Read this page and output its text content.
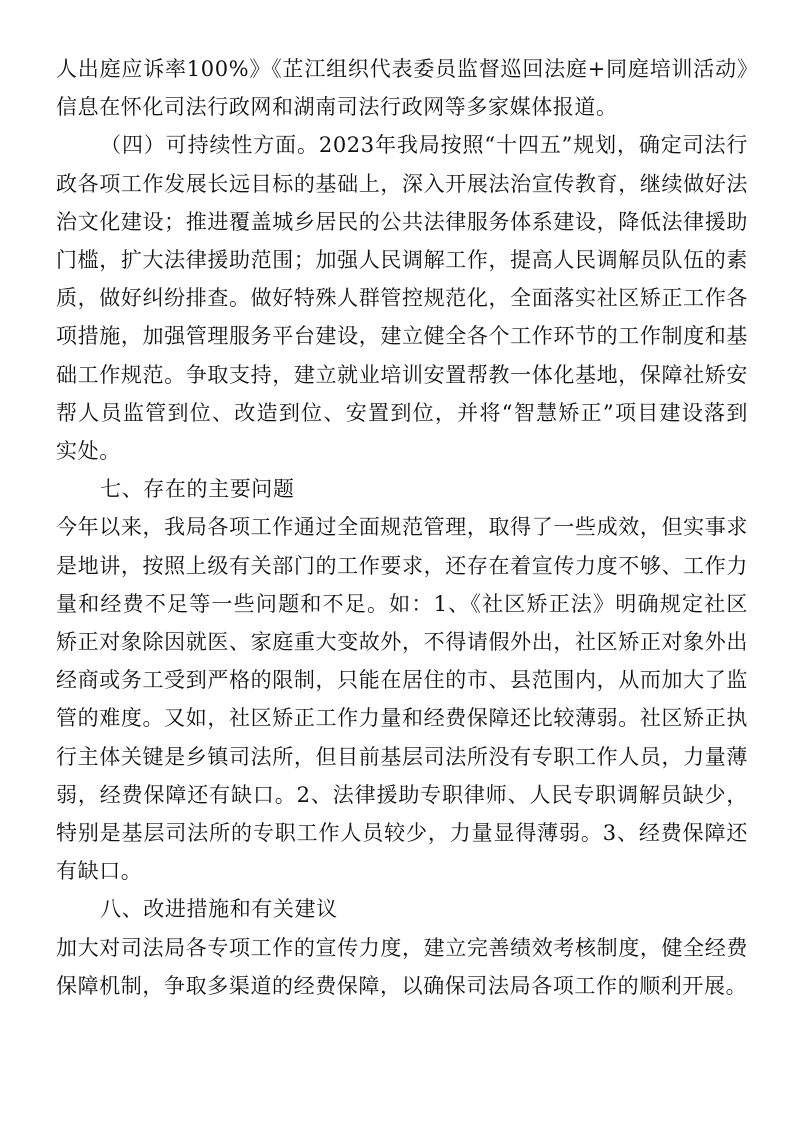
人出庭应诉率100%》《芷江组织代表委员监督巡回法庭+同庭培训活动》信息在怀化司法行政网和湖南司法行政网等多家媒体报道。

（四）可持续性方面。2023年我局按照“十四五”规划，确定司法行政各项工作发展长远目标的基础上，深入开展法治宣传教育，继续做好法治文化建设；推进覆盖城乡居民的公共法律服务体系建设，降低法律援助门槛，扩大法律援助范围；加强人民调解工作，提高人民调解员队伍的素质，做好纠纷排查。做好特殊人群管控规范化，全面落实社区矫正工作各项措施，加强管理服务平台建设，建立健全各个工作环节的工作制度和基础工作规范。争取支持，建立就业培训安置帮教一体化基地，保障社矫安帮人员监管到位、改造到位、安置到位，并将“智慧矫正”项目建设落到实处。

七、存在的主要问题

今年以来，我局各项工作通过全面规范管理，取得了一些成效，但实事求是地讲，按照上级有关部门的工作要求，还存在着宣传力度不够、工作力量和经费不足等一些问题和不足。如：1、《社区矫正法》明确规定社区矫正对象除因就医、家庭重大变故外，不得请假外出，社区矫正对象外出经商或务工受到严格的限制，只能在居住的市、县范围内，从而加大了监管的难度。又如，社区矫正工作力量和经费保障还比较薄弱。社区矫正执行主体关键是乡镇司法所，但目前基层司法所没有专职工作人员，力量薄弱，经费保障还有缺口。2、法律援助专职律师、人民专职调解员缺少，特别是基层司法所的专职工作人员较少，力量显得薄弱。3、经费保障还有缺口。

八、改进措施和有关建议

加大对司法局各专项工作的宣传力度，建立完善绩效考核制度，健全经费保障机制，争取多渠道的经费保障，以确保司法局各项工作的顺利开展。
